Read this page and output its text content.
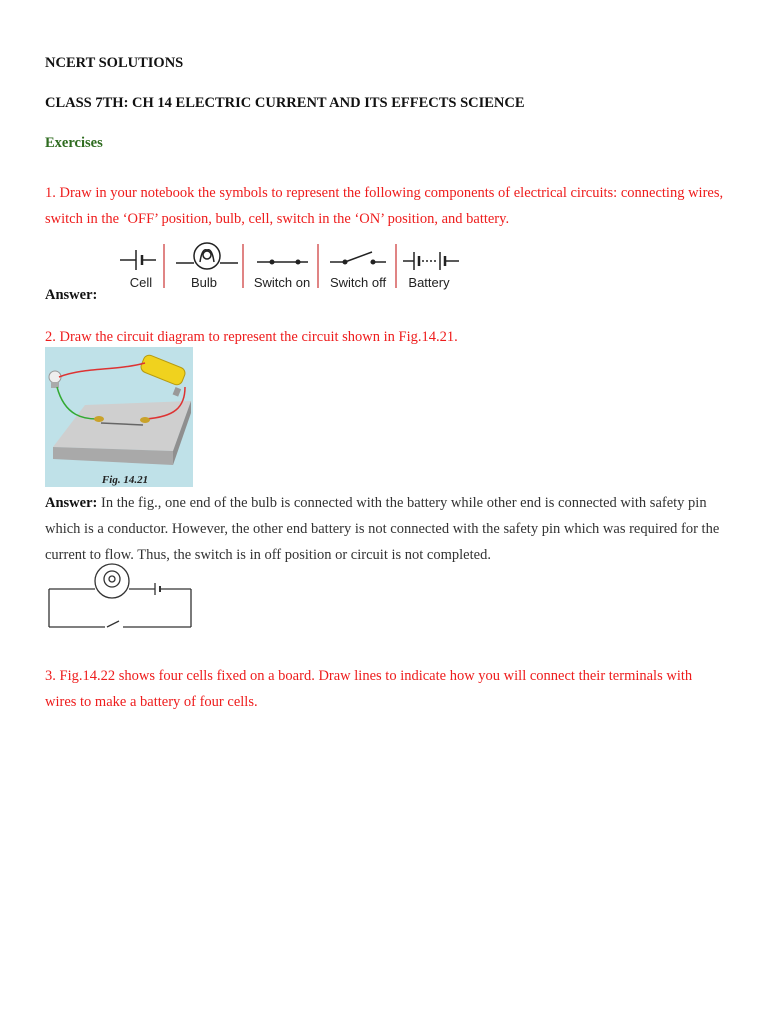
NCERT SOLUTIONS
CLASS 7TH: CH 14 ELECTRIC CURRENT AND ITS EFFECTS SCIENCE
Exercises
1. Draw in your notebook the symbols to represent the following components of electrical circuits: connecting wires, switch in the ‘OFF’ position, bulb, cell, switch in the ‘ON’ position, and battery.
Answer:
Cell	Bulb	Switch on Switch off Battery
2. Draw the circuit diagram to represent the circuit shown in Fig.14.21.
Fig. 14.21
Answer: In the fig., one end of the bulb is connected with the battery while other end is connected with safety pin which is a conductor. However, the other end battery is not connected with the safety pin which was required for the current to flow. Thus, the switch is in off position or circuit is not completed.
3. Fig.14.22 shows four cells fixed on a board. Draw lines to indicate how you will connect their terminals with wires to make a battery of four cells.
